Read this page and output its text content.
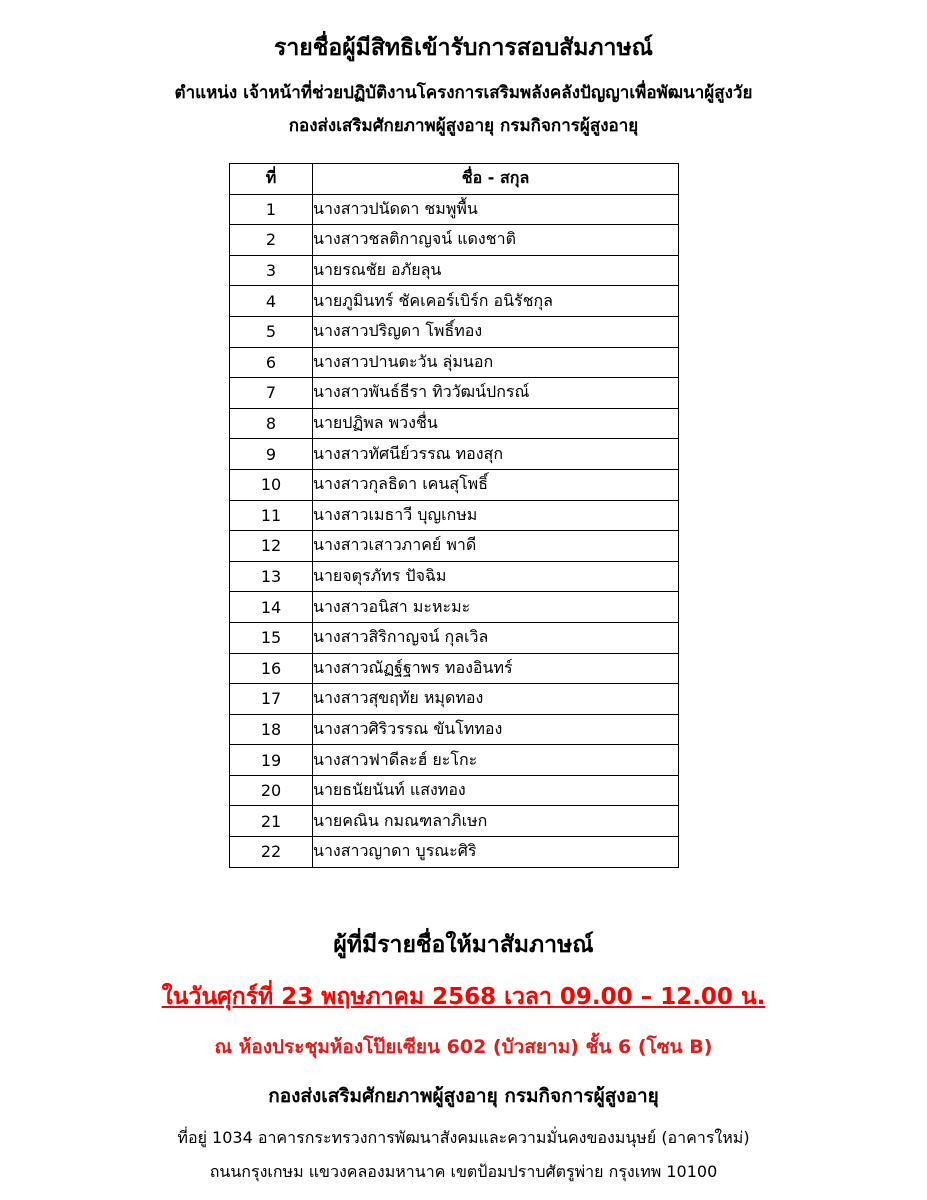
รายชื่อผู้มีสิทธิเข้ารับการสอบสัมภาษณ์
ตำแหน่ง เจ้าหน้าที่ช่วยปฏิบัติงานโครงการเสริมพลังคลังปัญญาเพื่อพัฒนาผู้สูงวัย
กองส่งเสริมศักยภาพผู้สูงอายุ กรมกิจการผู้สูงอายุ
ที่	ชื่อ - สกุล
1	นางสาวปนัดดา ชมพูพื้น
2	นางสาวชลติกาญจน์ แดงชาติ
3	นายรณชัย อภัยลุน
4	นายภูมินทร์ ชัคเคอร์เบิร์ก อนิรัชกุล
5	นางสาวปริญดา โพธิ์ทอง
6	นางสาวปานตะวัน ลุ่มนอก
7	นางสาวพันธ์ธีรา ทิววัฒน์ปกรณ์
8	นายปฏิพล พวงชื่น
9	นางสาวทัศนีย์วรรณ ทองสุก
10	นางสาวกุลธิดา เคนสุโพธิ์
11	นางสาวเมธาวี บุญเกษม
12	นางสาวเสาวภาคย์ พาดี
13	นายจตุรภัทร ปัจฉิม
14	นางสาวอนิสา มะหะมะ
15	นางสาวสิริกาญจน์ กุลเวิล
16	นางสาวณัฏฐ์ฐาพร ทองอินทร์
17	นางสาวสุขฤทัย หมุดทอง
18	นางสาวศิริวรรณ ขันโททอง
19	นางสาวฟาดีละฮ์ ยะโกะ
20	นายธนัยนันท์ แสงทอง
21	นายคณิน กมณฑลาภิเษก
22	นางสาวญาดา บูรณะศิริ
ผู้ที่มีรายชื่อให้มาสัมภาษณ์
ในวันศุกร์ที่ 23 พฤษภาคม 2568 เวลา 09.00 – 12.00 น.
ณ ห้องประชุมห้องโป๊ยเซียน 602 (บัวสยาม) ชั้น 6 (โซน B)
กองส่งเสริมศักยภาพผู้สูงอายุ กรมกิจการผู้สูงอายุ
ที่อยู่ 1034 อาคารกระทรวงการพัฒนาสังคมและความมั่นคงของมนุษย์ (อาคารใหม่)
ถนนกรุงเกษม แขวงคลองมหานาค เขตป้อมปราบศัตรูพ่าย กรุงเทพ 10100
